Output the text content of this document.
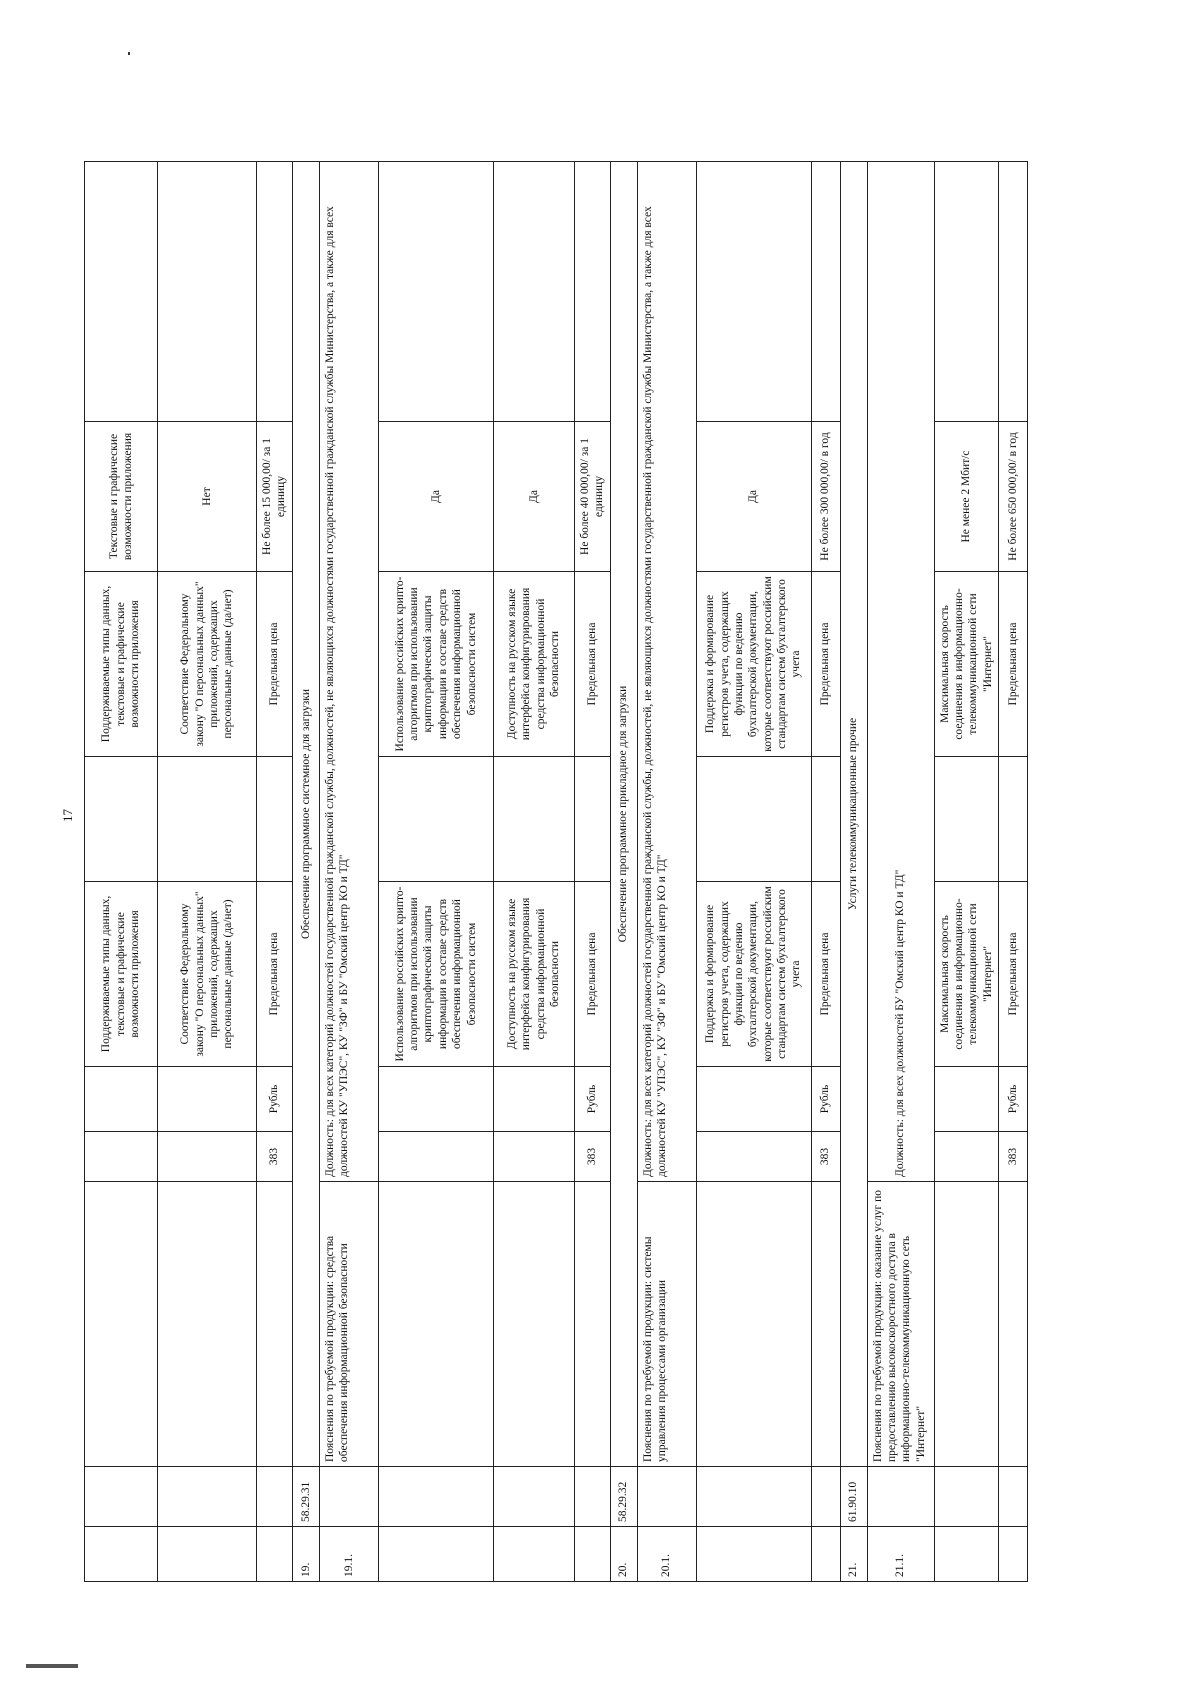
17
					Поддерживаемые типы данных, текстовые и графические возможности приложения		Поддерживаемые типы данных, текстовые и графические возможности приложения	Текстовые и графические возможности приложения	
					Соответствие Федеральному закону "О персональных данных" приложений, содержащих персональные данные (да/нет)		Соответствие Федеральному закону "О персональных данных" приложений, содержащих персональные данные (да/нет)	Нет	
			383	Рубль	Предельная цена		Предельная цена	Не более 15 000,00/ за 1 единицу	
19.	58.29.31	Обеспечение программное системное для загрузки							
19.1.		Пояснения по требуемой продукции: средства обеспечения информационной безопасности	Должность: для всех категорий должностей государственной гражданской службы, должностей, не являющихся должностями государственной гражданской службы Министерства, а также для всех должностей КУ "УПЭС", КУ "ЗФ" и БУ "Омский центр КО и ТД"						
					Использование российских крипто-алгоритмов при использовании криптографической защиты информации в составе средств обеспечения информационной безопасности систем		Использование российских крипто-алгоритмов при использовании криптографической защиты информации в составе средств обеспечения информационной безопасности систем	Да	
					Доступность на русском языке интерфейса конфигурирования средства информационной безопасности		Доступность на русском языке интерфейса конфигурирования средства информационной безопасности	Да	
			383	Рубль	Предельная цена		Предельная цена	Не более 40 000,00/ за 1 единицу	
20.	58.29.32	Обеспечение программное прикладное для загрузки							
20.1.		Пояснения по требуемой продукции: системы управления процессами организации	Должность: для всех категорий должностей государственной гражданской службы, должностей, не являющихся должностями государственной гражданской службы Министерства, а также для всех должностей КУ "УПЭС", КУ "ЗФ" и БУ "Омский центр КО и ТД"						
					Поддержка и формирование регистров учета, содержащих функции по ведению бухгалтерской документации, которые соответствуют российским стандартам систем бухгалтерского учета		Поддержка и формирование регистров учета, содержащих функции по ведению бухгалтерской документации, которые соответствуют российским стандартам систем бухгалтерского учета	Да	
			383	Рубль	Предельная цена		Предельная цена	Не более 300 000,00/ в год	
21.	61.90.10	Услуги телекоммуникационные прочие							
21.1.		Пояснения по требуемой продукции: оказание услуг по предоставлению высокоскоростного доступа в информационно-телекоммуникационную сеть "Интернет"	Должность: для всех должностей БУ "Омский центр КО и ТД"						
					Максимальная скорость соединения в информационно-телекоммуникационной сети "Интернет"		Максимальная скорость соединения в информационно-телекоммуникационной сети "Интернет"	Не менее 2 Мбит/с	
			383	Рубль	Предельная цена		Предельная цена	Не более 650 000,00/ в год	
